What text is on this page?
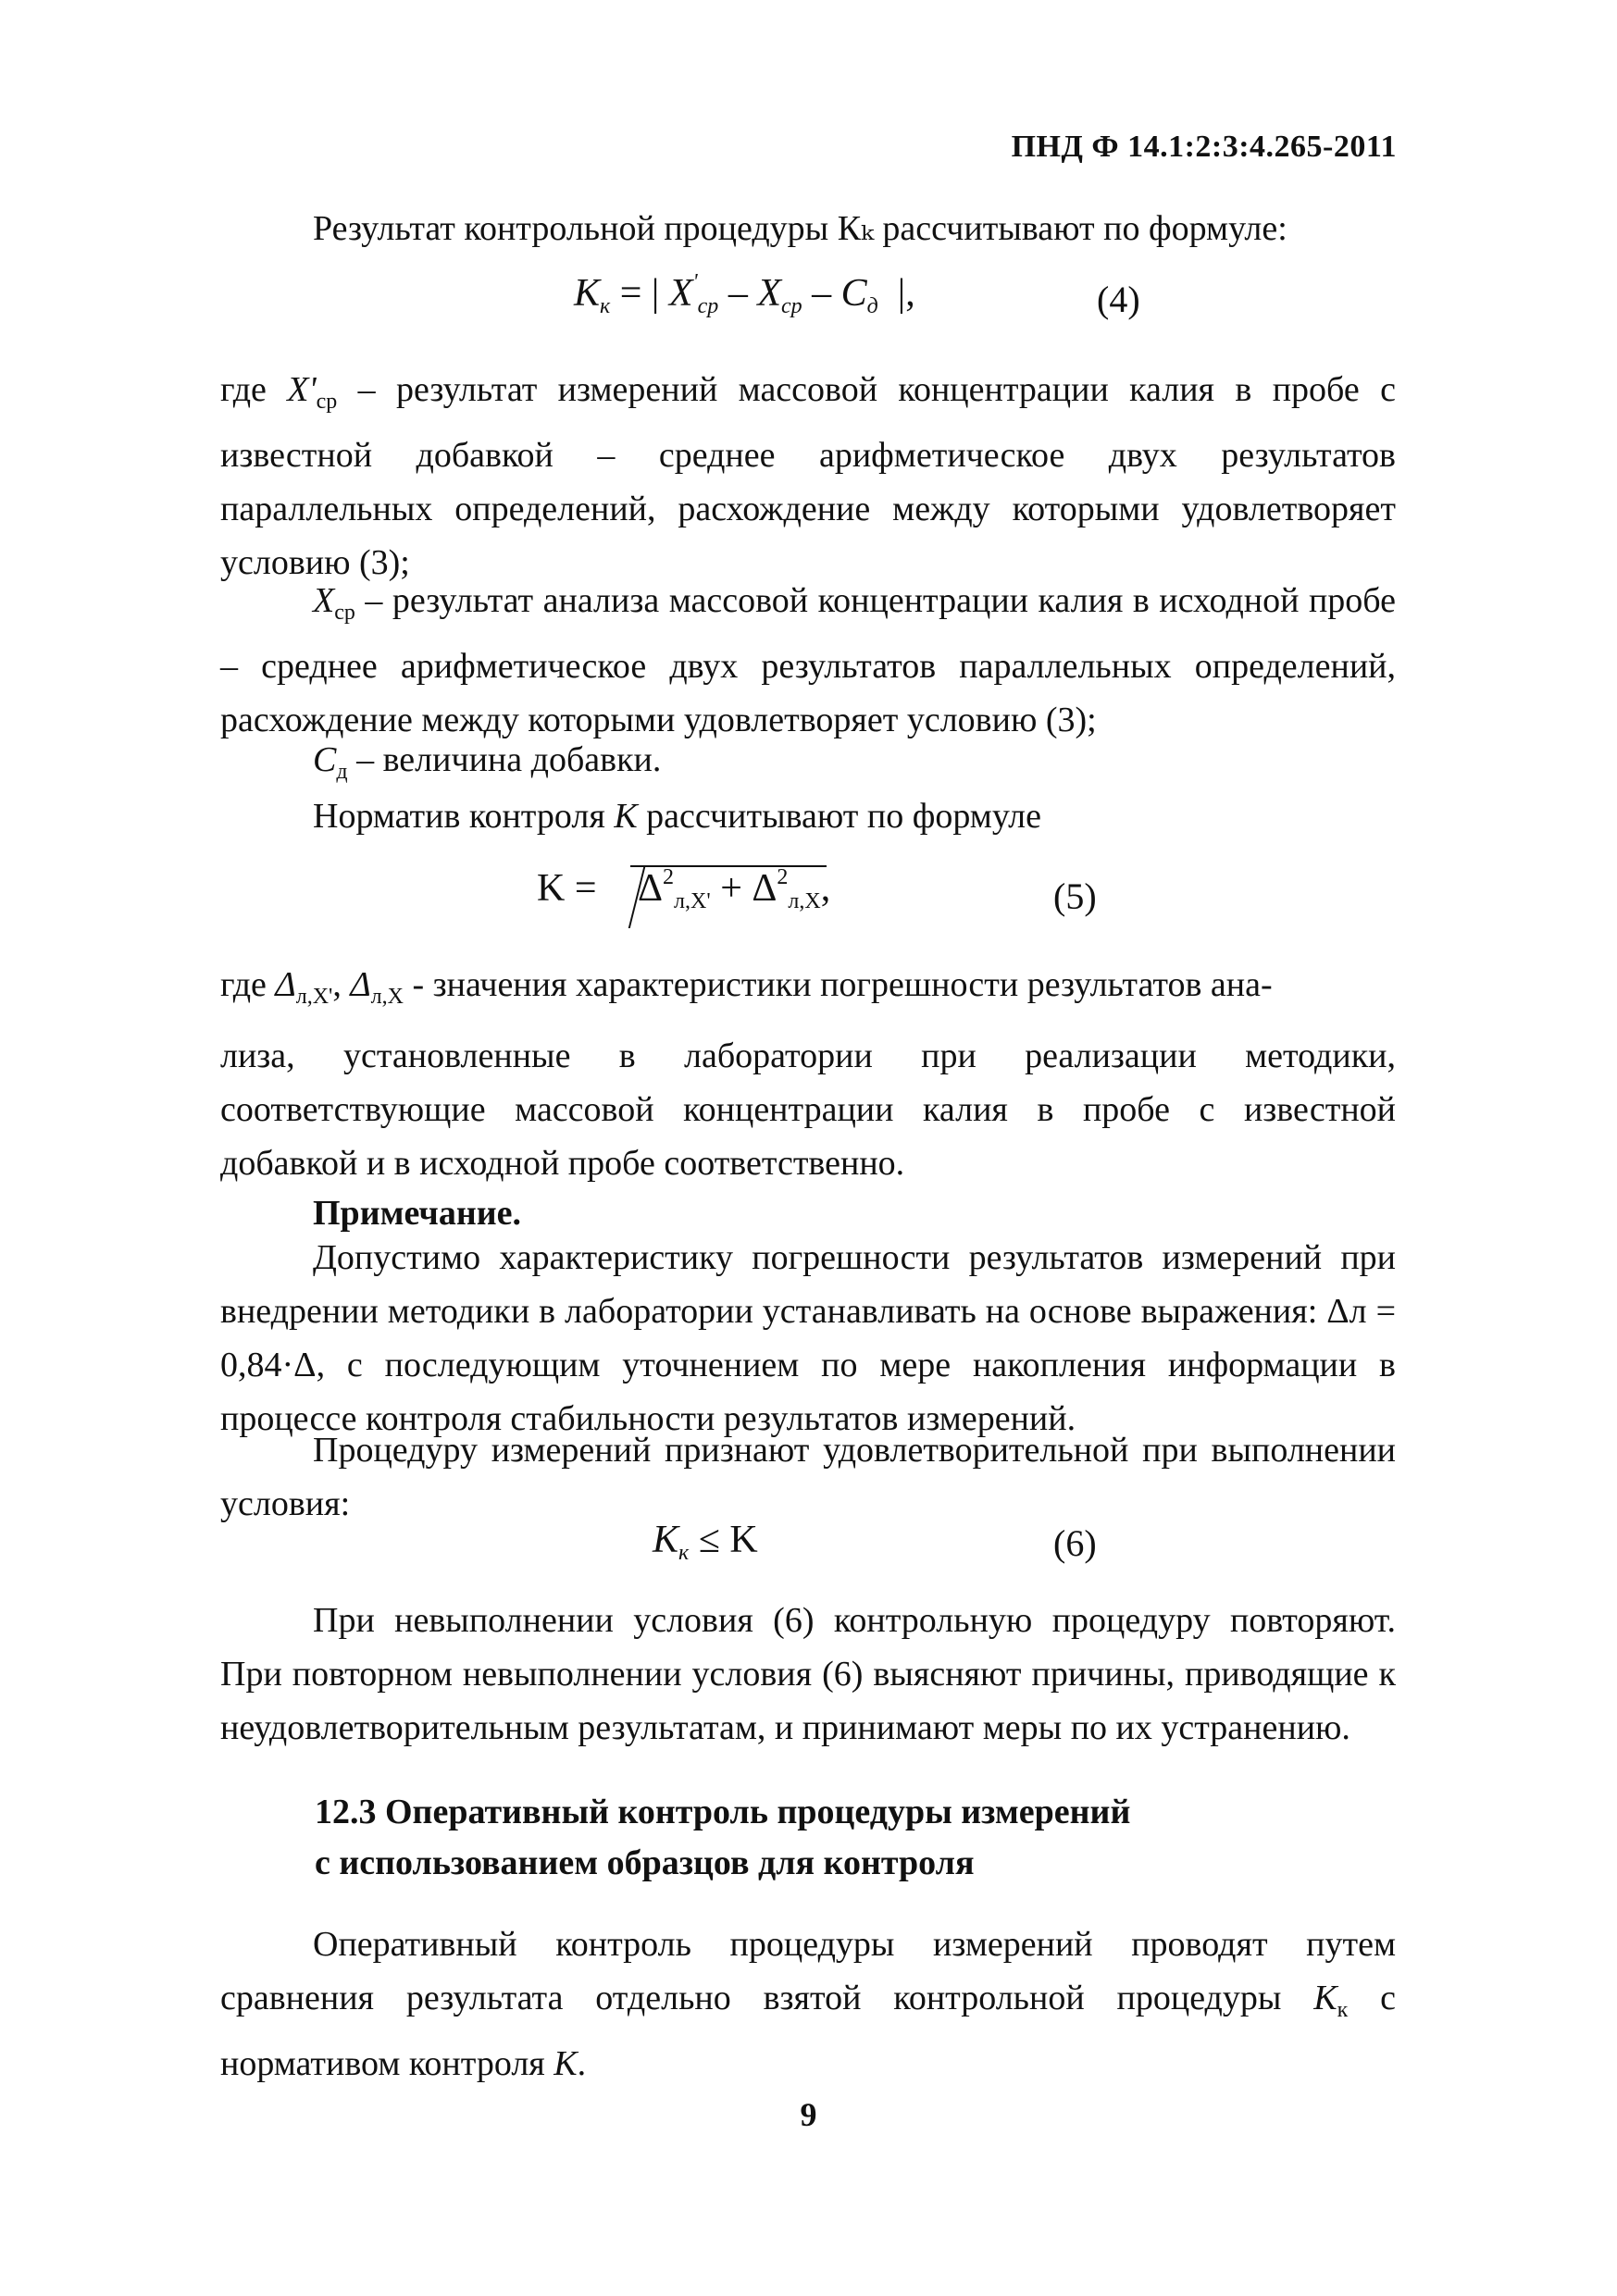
ПНД Ф 14.1:2:3:4.265-2011
Результат контрольной процедуры Кₖ рассчитывают по формуле:
$K_к$ = | $X'_{ср} - X_{ср} - C_д$ |,	(4)
где $X'_{ср}$ – результат измерений массовой концентрации калия в пробе с известной добавкой – среднее арифметическое двух результатов параллельных определений, расхождение между которыми удовлетворяет условию (3);
$X_{ср}$ – результат анализа массовой концентрации калия в исходной пробе – среднее арифметическое двух результатов параллельных определений, расхождение между которыми удовлетворяет условию (3);
$C_д$ – величина добавки.
Норматив контроля K рассчитывают по формуле
$K = \Delta^2_{л,X'} + \Delta^2_{л,X}$,	(5)
где $\Delta_{л,X'}$, $\Delta_{л,X}$ - значения характеристики погрешности результатов ана-
лиза, установленные в лаборатории при реализации методики, соответствующие массовой концентрации калия в пробе с известной добавкой и в исходной пробе соответственно.
Примечание.
Допустимо характеристику погрешности результатов измерений при внедрении методики в лаборатории устанавливать на основе выражения: Δл = 0,84·Δ, с последующим уточнением по мере накопления информации в процессе контроля стабильности результатов измерений.
Процедуру измерений признают удовлетворительной при выполнении условия:
$K_к \le K$	(6)
При невыполнении условия (6) контрольную процедуру повторяют. При повторном невыполнении условия (6) выясняют причины, приводящие к неудовлетворительным результатам, и принимают меры по их устранению.
12.3 Оперативный контроль процедуры измерений
с использованием образцов для контроля
Оперативный контроль процедуры измерений проводят путем сравнения результата отдельно взятой контрольной процедуры $K_к$ с нормативом контроля K.
9
